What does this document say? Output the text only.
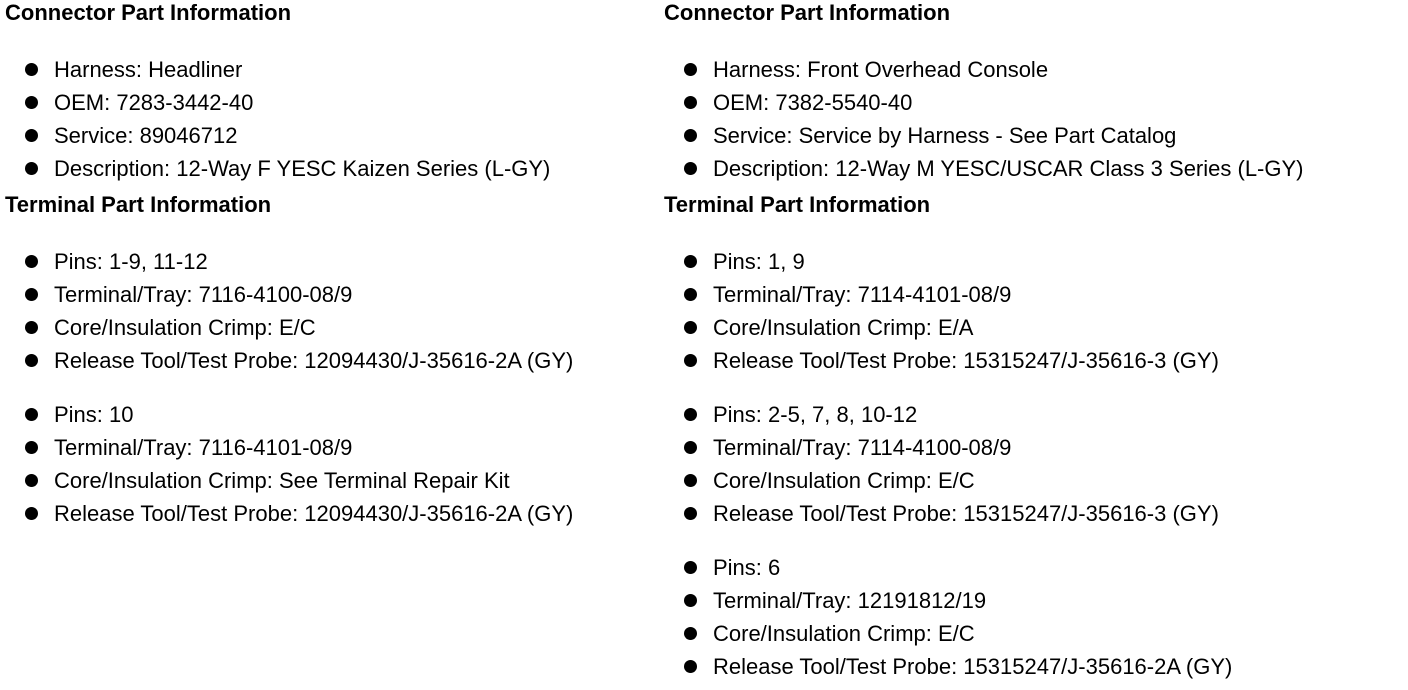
Connector Part Information
Harness: Headliner
OEM: 7283-3442-40
Service: 89046712
Description: 12-Way F YESC Kaizen Series (L-GY)
Terminal Part Information
Pins: 1-9, 11-12
Terminal/Tray: 7116-4100-08/9
Core/Insulation Crimp: E/C
Release Tool/Test Probe: 12094430/J-35616-2A (GY)
Pins: 10
Terminal/Tray: 7116-4101-08/9
Core/Insulation Crimp: See Terminal Repair Kit
Release Tool/Test Probe: 12094430/J-35616-2A (GY)
Connector Part Information
Harness: Front Overhead Console
OEM: 7382-5540-40
Service: Service by Harness - See Part Catalog
Description: 12-Way M YESC/USCAR Class 3 Series (L-GY)
Terminal Part Information
Pins: 1, 9
Terminal/Tray: 7114-4101-08/9
Core/Insulation Crimp: E/A
Release Tool/Test Probe: 15315247/J-35616-3 (GY)
Pins: 2-5, 7, 8, 10-12
Terminal/Tray: 7114-4100-08/9
Core/Insulation Crimp: E/C
Release Tool/Test Probe: 15315247/J-35616-3 (GY)
Pins: 6
Terminal/Tray: 12191812/19
Core/Insulation Crimp: E/C
Release Tool/Test Probe: 15315247/J-35616-2A (GY)
